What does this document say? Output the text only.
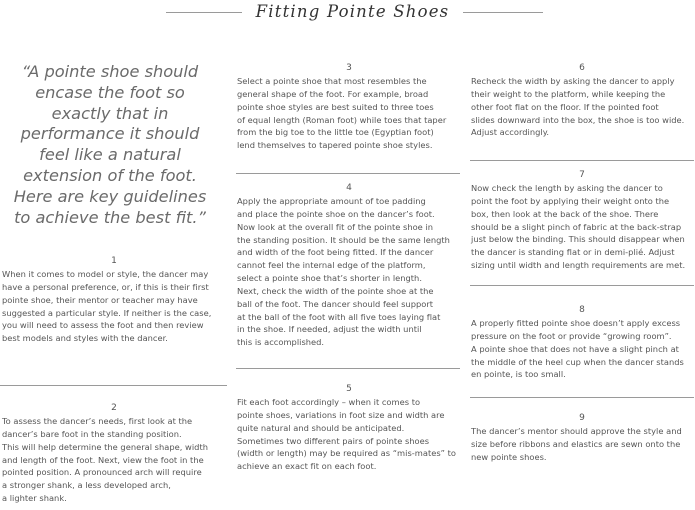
Fitting Pointe Shoes
“A pointe shoe should
encase the foot so
exactly that in
performance it should
feel like a natural
extension of the foot.
Here are key guidelines
to achieve the best fit.”
1
When it comes to model or style, the dancer may
have a personal preference, or, if this is their first
pointe shoe, their mentor or teacher may have
suggested a particular style. If neither is the case,
you will need to assess the foot and then review
best models and styles with the dancer.
2
To assess the dancer’s needs, first look at the
dancer’s bare foot in the standing position.
This will help determine the general shape, width
and length of the foot. Next, view the foot in the
pointed position. A pronounced arch will require
a stronger shank, a less developed arch,
a lighter shank.
3
Select a pointe shoe that most resembles the
general shape of the foot. For example, broad
pointe shoe styles are best suited to three toes
of equal length (Roman foot) while toes that taper
from the big toe to the little toe (Egyptian foot)
lend themselves to tapered pointe shoe styles.
4
Apply the appropriate amount of toe padding
and place the pointe shoe on the dancer’s foot.
Now look at the overall fit of the pointe shoe in
the standing position. It should be the same length
and width of the foot being fitted. If the dancer
cannot feel the internal edge of the platform,
select a pointe shoe that’s shorter in length.
Next, check the width of the pointe shoe at the
ball of the foot. The dancer should feel support
at the ball of the foot with all five toes laying flat
in the shoe. If needed, adjust the width until
this is accomplished.
5
Fit each foot accordingly – when it comes to
pointe shoes, variations in foot size and width are
quite natural and should be anticipated.
Sometimes two different pairs of pointe shoes
(width or length) may be required as “mis-mates” to
achieve an exact fit on each foot.
6
Recheck the width by asking the dancer to apply
their weight to the platform, while keeping the
other foot flat on the floor. If the pointed foot
slides downward into the box, the shoe is too wide.
Adjust accordingly.
7
Now check the length by asking the dancer to
point the foot by applying their weight onto the
box, then look at the back of the shoe. There
should be a slight pinch of fabric at the back-strap
just below the binding. This should disappear when
the dancer is standing flat or in demi-plié. Adjust
sizing until width and length requirements are met.
8
A properly fitted pointe shoe doesn’t apply excess
pressure on the foot or provide “growing room”.
A pointe shoe that does not have a slight pinch at
the middle of the heel cup when the dancer stands
en pointe, is too small.
9
The dancer’s mentor should approve the style and
size before ribbons and elastics are sewn onto the
new pointe shoes.
